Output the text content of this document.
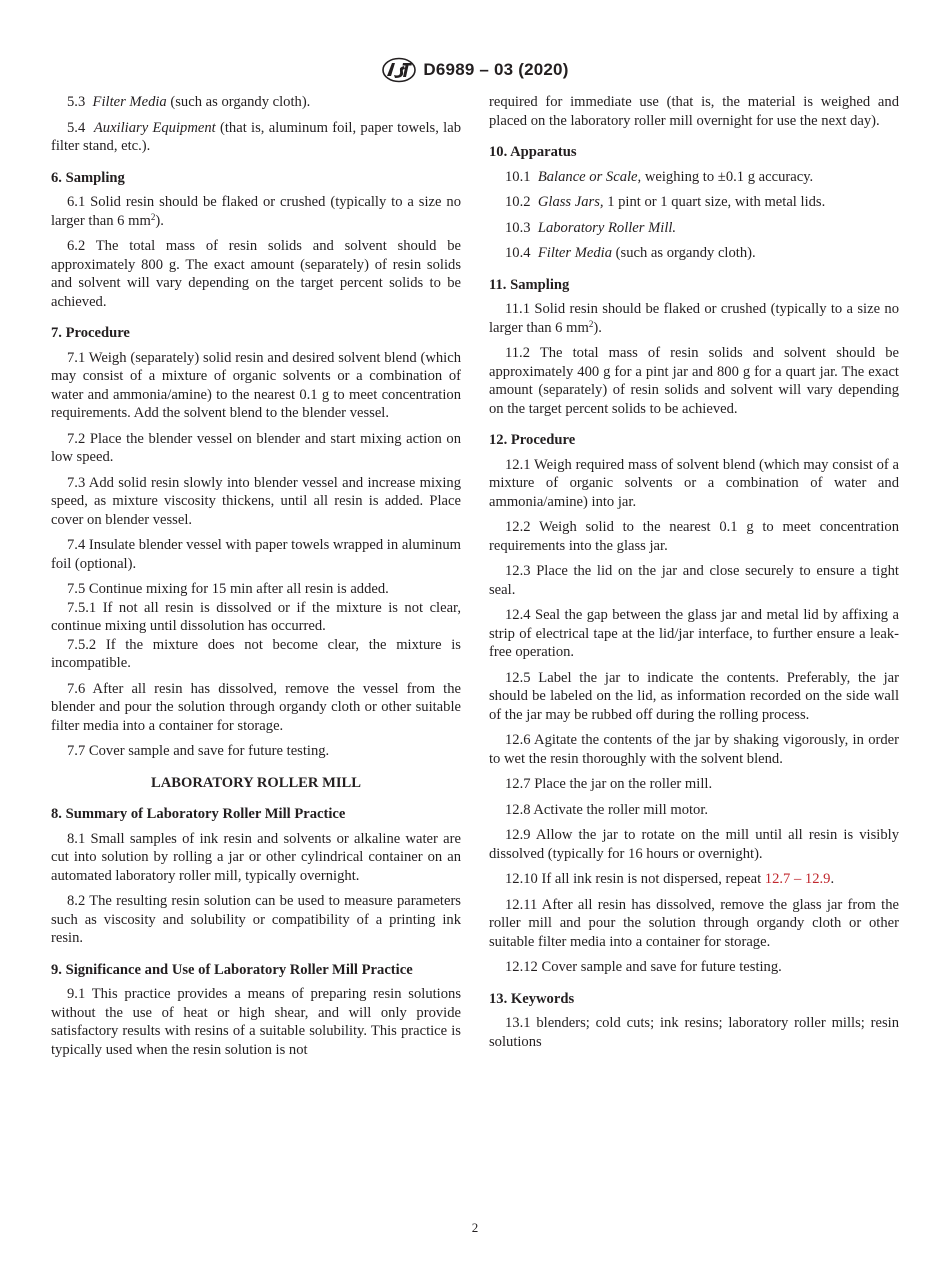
D6989 – 03 (2020)

5.3 Filter Media (such as organdy cloth).

5.4 Auxiliary Equipment (that is, aluminum foil, paper towels, lab filter stand, etc.).

6. Sampling

6.1 Solid resin should be flaked or crushed (typically to a size no larger than 6 $mm^2$).

6.2 The total mass of resin solids and solvent should be approximately 800 g. The exact amount (separately) of resin solids and solvent will vary depending on the target percent solids to be achieved.

7. Procedure

7.1 Weigh (separately) solid resin and desired solvent blend (which may consist of a mixture of organic solvents or a combination of water and ammonia/amine) to the nearest 0.1 g to meet concentration requirements. Add the solvent blend to the blender vessel.

7.2 Place the blender vessel on blender and start mixing action on low speed.

7.3 Add solid resin slowly into blender vessel and increase mixing speed, as mixture viscosity thickens, until all resin is added. Place cover on blender vessel.

7.4 Insulate blender vessel with paper towels wrapped in aluminum foil (optional).

7.5 Continue mixing for 15 min after all resin is added.

7.5.1 If not all resin is dissolved or if the mixture is not clear, continue mixing until dissolution has occurred.

7.5.2 If the mixture does not become clear, the mixture is incompatible.

7.6 After all resin has dissolved, remove the vessel from the blender and pour the solution through organdy cloth or other suitable filter media into a container for storage.

7.7 Cover sample and save for future testing.

LABORATORY ROLLER MILL
8. Summary of Laboratory Roller Mill Practice

8.1 Small samples of ink resin and solvents or alkaline water are cut into solution by rolling a jar or other cylindrical container on an automated laboratory roller mill, typically overnight.

8.2 The resulting resin solution can be used to measure parameters such as viscosity and solubility or compatibility of a printing ink resin.

9. Significance and Use of Laboratory Roller Mill Practice

9.1 This practice provides a means of preparing resin solutions without the use of heat or high shear, and will only provide satisfactory results with resins of a suitable solubility. This practice is typically used when the resin solution is not

required for immediate use (that is, the material is weighed and placed on the laboratory roller mill overnight for use the next day).

10. Apparatus

10.1 Balance or Scale, weighing to ±0.1 g accuracy.

10.2 Glass Jars, 1 pint or 1 quart size, with metal lids.

10.3 Laboratory Roller Mill.

10.4 Filter Media (such as organdy cloth).

11. Sampling

11.1 Solid resin should be flaked or crushed (typically to a size no larger than 6 $mm^2$).

11.2 The total mass of resin solids and solvent should be approximately 400 g for a pint jar and 800 g for a quart jar. The exact amount (separately) of resin solids and solvent will vary depending on the target percent solids to be achieved.

12. Procedure

12.1 Weigh required mass of solvent blend (which may consist of a mixture of organic solvents or a combination of water and ammonia/amine) into jar.

12.2 Weigh solid to the nearest 0.1 g to meet concentration requirements into the glass jar.

12.3 Place the lid on the jar and close securely to ensure a tight seal.

12.4 Seal the gap between the glass jar and metal lid by affixing a strip of electrical tape at the lid/jar interface, to further ensure a leak-free operation.

12.5 Label the jar to indicate the contents. Preferably, the jar should be labeled on the lid, as information recorded on the side wall of the jar may be rubbed off during the rolling process.

12.6 Agitate the contents of the jar by shaking vigorously, in order to wet the resin thoroughly with the solvent blend.

12.7 Place the jar on the roller mill.

12.8 Activate the roller mill motor.

12.9 Allow the jar to rotate on the mill until all resin is visibly dissolved (typically for 16 hours or overnight).

12.10 If all ink resin is not dispersed, repeat 12.7 – 12.9.

12.11 After all resin has dissolved, remove the glass jar from the roller mill and pour the solution through organdy cloth or other suitable filter media into a container for storage.

12.12 Cover sample and save for future testing.

13. Keywords

13.1 blenders; cold cuts; ink resins; laboratory roller mills; resin solutions

2
